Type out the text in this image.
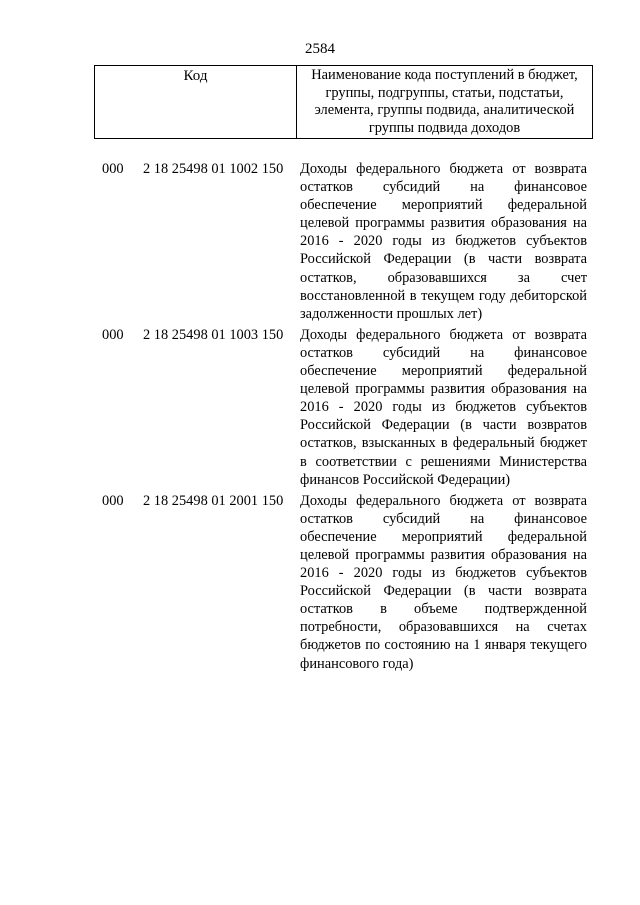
2584
Код	Наименование кода поступлений в бюджет, группы, подгруппы, статьи, подстатьи, элемента, группы подвида, аналитической группы подвида доходов
000 2 18 25498 01 1002 150 Доходы федерального бюджета от возврата остатков субсидий на финансовое обеспечение мероприятий федеральной целевой программы развития образования на 2016 - 2020 годы из бюджетов субъектов Российской Федерации (в части возврата остатков, образовавшихся за счет восстановленной в текущем году дебиторской задолженности прошлых лет)
000 2 18 25498 01 1003 150 Доходы федерального бюджета от возврата остатков субсидий на финансовое обеспечение мероприятий федеральной целевой программы развития образования на 2016 - 2020 годы из бюджетов субъектов Российской Федерации (в части возвратов остатков, взысканных в федеральный бюджет в соответствии с решениями Министерства финансов Российской Федерации)
000 2 18 25498 01 2001 150 Доходы федерального бюджета от возврата остатков субсидий на финансовое обеспечение мероприятий федеральной целевой программы развития образования на 2016 - 2020 годы из бюджетов субъектов Российской Федерации (в части возврата остатков в объеме подтвержденной потребности, образовавшихся на счетах бюджетов по состоянию на 1 января текущего финансового года)
